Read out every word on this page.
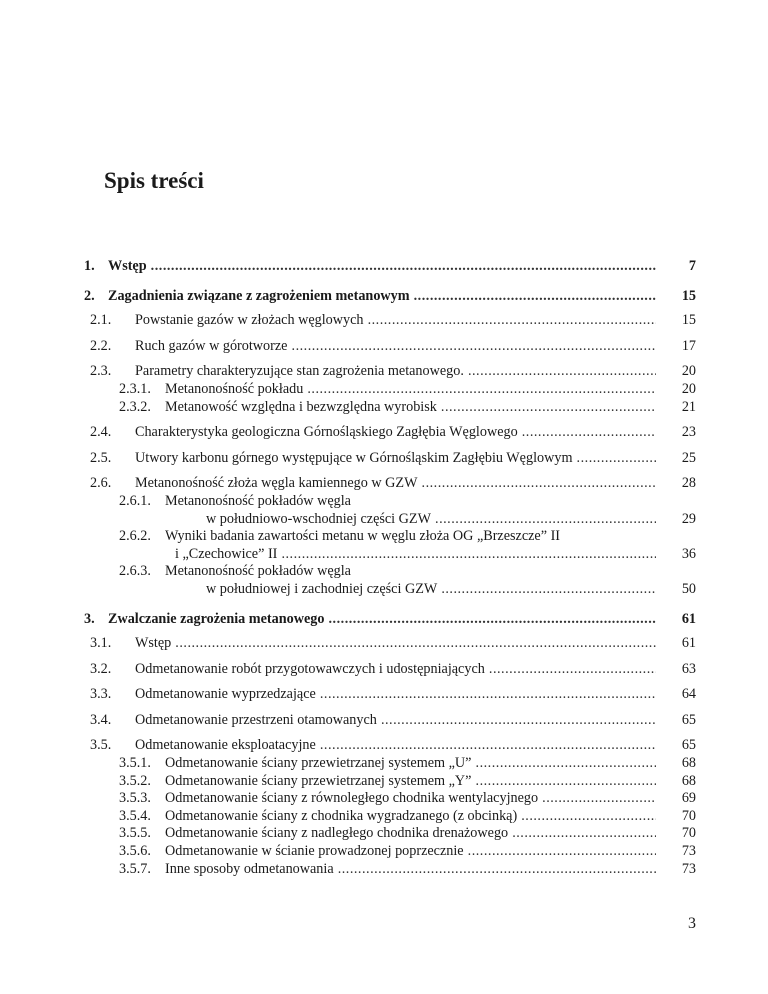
Spis treści
1. Wstęp .....	7
2. Zagadnienia związane z zagrożeniem metanowym .....	15
2.1.	Powstanie gazów w złożach węglowych .....	15
2.2.	Ruch gazów w górotworze .....	17
2.3.	Parametry charakteryzujące stan zagrożenia metanowego. .....	20
2.3.1. Metanonośność pokładu .....	20
2.3.2. Metanowość względna i bezwzględna wyrobisk .....	21
2.4.	Charakterystyka geologiczna Górnośląskiego Zagłębia Węglowego .....	23
2.5.	Utwory karbonu górnego występujące w Górnośląskim Zagłębiu Węglowym .....	25
2.6.	Metanonośność złoża węgla kamiennego w GZW .....	28
2.6.1. Metanonośność pokładów węgla
w południowo-wschodniej części GZW .....	29
2.6.2. Wyniki badania zawartości metanu w węglu złoża OG „Brzeszcze” II
i „Czechowice” II .....	36
2.6.3. Metanonośność pokładów węgla
w południowej i zachodniej części GZW .....	50
3. Zwalczanie zagrożenia metanowego .....	61
3.1.	Wstęp .....	61
3.2.	Odmetanowanie robót przygotowawczych i udostępniających .....	63
3.3.	Odmetanowanie wyprzedzające .....	64
3.4.	Odmetanowanie przestrzeni otamowanych .....	65
3.5.	Odmetanowanie eksploatacyjne .....	65
3.5.1. Odmetanowanie ściany przewietrzanej systemem „U” .....	68
3.5.2. Odmetanowanie ściany przewietrzanej systemem „Y” .....	68
3.5.3. Odmetanowanie ściany z równoległego chodnika wentylacyjnego .....	69
3.5.4. Odmetanowanie ściany z chodnika wygradzanego (z obcinką) .....	70
3.5.5. Odmetanowanie ściany z nadległego chodnika drenażowego .....	70
3.5.6. Odmetanowanie w ścianie prowadzonej poprzecznie .....	73
3.5.7. Inne sposoby odmetanowania .....	73

3
